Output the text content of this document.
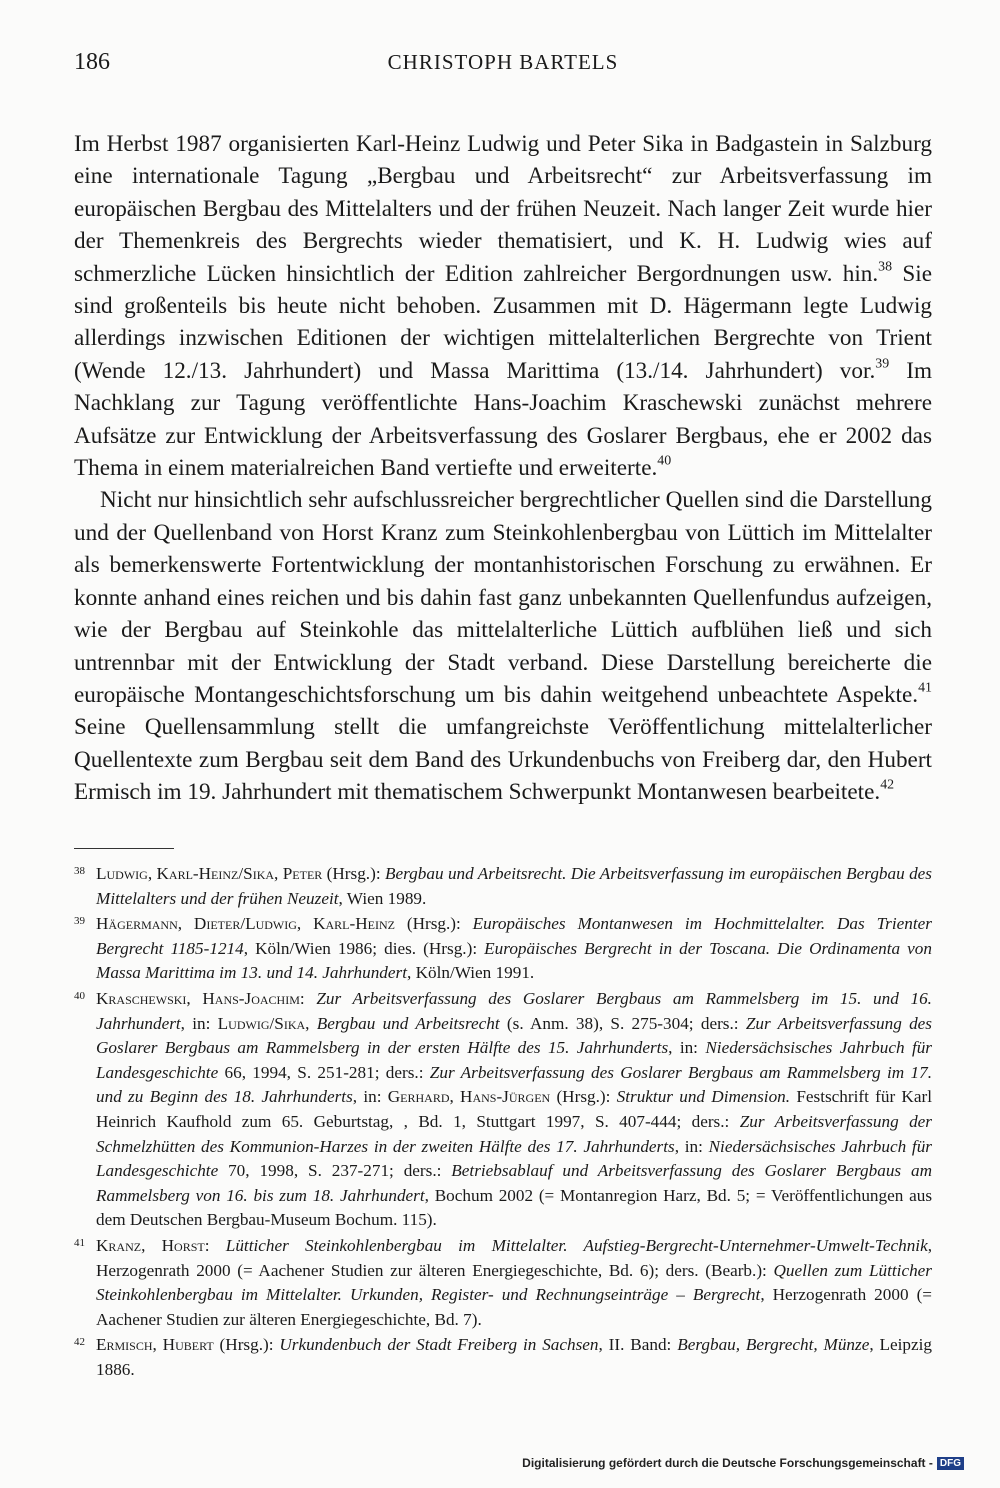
186	CHRISTOPH BARTELS

Im Herbst 1987 organisierten Karl-Heinz Ludwig und Peter Sika in Badgastein in Salzburg eine internationale Tagung „Bergbau und Arbeitsrecht“ zur Arbeitsverfassung im europäischen Bergbau des Mittelalters und der frühen Neuzeit. Nach langer Zeit wurde hier der Themenkreis des Bergrechts wieder thematisiert, und K. H. Ludwig wies auf schmerzliche Lücken hinsichtlich der Edition zahlreicher Bergordnungen usw. hin.$^{38}$ Sie sind großenteils bis heute nicht behoben. Zusammen mit D. Hägermann legte Ludwig allerdings inzwischen Editionen der wichtigen mittelalterlichen Bergrechte von Trient (Wende 12./13. Jahrhundert) und Massa Marittima (13./14. Jahrhundert) vor.$^{39}$ Im Nachklang zur Tagung veröffentlichte Hans-Joachim Kraschewski zunächst mehrere Aufsätze zur Entwicklung der Arbeitsverfassung des Goslarer Bergbaus, ehe er 2002 das Thema in einem materialreichen Band vertiefte und erweiterte.$^{40}$

Nicht nur hinsichtlich sehr aufschlussreicher bergrechtlicher Quellen sind die Darstellung und der Quellenband von Horst Kranz zum Steinkohlenbergbau von Lüttich im Mittelalter als bemerkenswerte Fortentwicklung der montanhistorischen Forschung zu erwähnen. Er konnte anhand eines reichen und bis dahin fast ganz unbekannten Quellenfundus aufzeigen, wie der Bergbau auf Steinkohle das mittelalterliche Lüttich aufblühen ließ und sich untrennbar mit der Entwicklung der Stadt verband. Diese Darstellung bereicherte die europäische Montangeschichtsforschung um bis dahin weitgehend unbeachtete Aspekte.$^{41}$ Seine Quellensammlung stellt die umfangreichste Veröffentlichung mittelalterlicher Quellentexte zum Bergbau seit dem Band des Urkundenbuchs von Freiberg dar, den Hubert Ermisch im 19. Jahrhundert mit thematischem Schwerpunkt Montanwesen bearbeitete.$^{42}$

38 Ludwig, Karl-Heinz/Sika, Peter (Hrsg.): Bergbau und Arbeitsrecht. Die Arbeitsverfassung im europäischen Bergbau des Mittelalters und der frühen Neuzeit, Wien 1989.
39 Hägermann, Dieter/Ludwig, Karl-Heinz (Hrsg.): Europäisches Montanwesen im Hochmittelalter. Das Trienter Bergrecht 1185-1214, Köln/Wien 1986; dies. (Hrsg.): Europäisches Bergrecht in der Toscana. Die Ordinamenta von Massa Marittima im 13. und 14. Jahrhundert, Köln/Wien 1991.
40 Kraschewski, Hans-Joachim: Zur Arbeitsverfassung des Goslarer Bergbaus am Rammelsberg im 15. und 16. Jahrhundert, in: Ludwig/Sika, Bergbau und Arbeitsrecht (s. Anm. 38), S. 275-304; ders.: Zur Arbeitsverfassung des Goslarer Bergbaus am Rammelsberg in der ersten Hälfte des 15. Jahrhunderts, in: Niedersächsisches Jahrbuch für Landesgeschichte 66, 1994, S. 251-281; ders.: Zur Arbeitsverfassung des Goslarer Bergbaus am Rammelsberg im 17. und zu Beginn des 18. Jahrhunderts, in: Gerhard, Hans-Jürgen (Hrsg.): Struktur und Dimension. Festschrift für Karl Heinrich Kaufhold zum 65. Geburtstag, , Bd. 1, Stuttgart 1997, S. 407-444; ders.: Zur Arbeitsverfassung der Schmelzhütten des Kommunion-Harzes in der zweiten Hälfte des 17. Jahrhunderts, in: Niedersächsisches Jahrbuch für Landesgeschichte 70, 1998, S. 237-271; ders.: Betriebsablauf und Arbeitsverfassung des Goslarer Bergbaus am Rammelsberg von 16. bis zum 18. Jahrhundert, Bochum 2002 (= Montanregion Harz, Bd. 5; = Veröffentlichungen aus dem Deutschen Bergbau-Museum Bochum. 115).
41 Kranz, Horst: Lütticher Steinkohlenbergbau im Mittelalter. Aufstieg-Bergrecht-Unternehmer-Umwelt-Technik, Herzogenrath 2000 (= Aachener Studien zur älteren Energiegeschichte, Bd. 6); ders. (Bearb.): Quellen zum Lütticher Steinkohlenbergbau im Mittelalter. Urkunden, Register- und Rechnungseinträge – Bergrecht, Herzogenrath 2000 (= Aachener Studien zur älteren Energiegeschichte, Bd. 7).
42 Ermisch, Hubert (Hrsg.): Urkundenbuch der Stadt Freiberg in Sachsen, II. Band: Bergbau, Bergrecht, Münze, Leipzig 1886.
Digitalisierung gefördert durch die Deutsche Forschungsgemeinschaft - DFG
